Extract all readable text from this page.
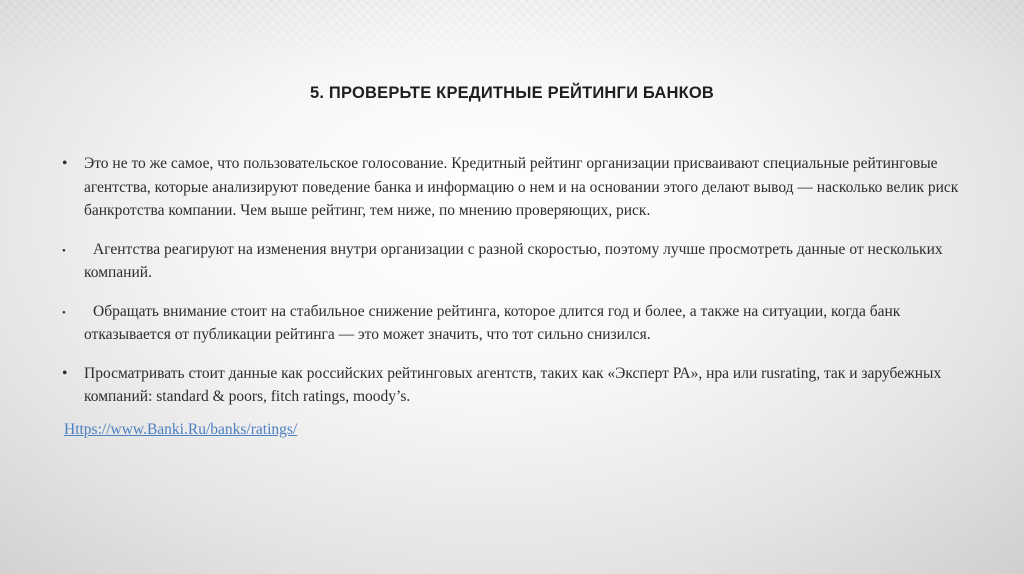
5. ПРОВЕРЬТЕ КРЕДИТНЫЕ РЕЙТИНГИ БАНКОВ
• Это не то же самое, что пользовательское голосование. Кредитный рейтинг организации присваивают специальные рейтинговые агентства, которые анализируют поведение банка и информацию о нем и на основании этого делают вывод — насколько велик риск банкротства компании. Чем выше рейтинг, тем ниже, по мнению проверяющих, риск.
• Агентства реагируют на изменения внутри организации с разной скоростью, поэтому лучше просмотреть данные от нескольких компаний.
• Обращать внимание стоит на стабильное снижение рейтинга, которое длится год и более, а также на ситуации, когда банк отказывается от публикации рейтинга — это может значить, что тот сильно снизился.
• Просматривать стоит данные как российских рейтинговых агентств, таких как «Эксперт РА», нра или rusrating, так и зарубежных компаний: standard & poors, fitch ratings, moody’s.
Https://www.Banki.Ru/banks/ratings/
